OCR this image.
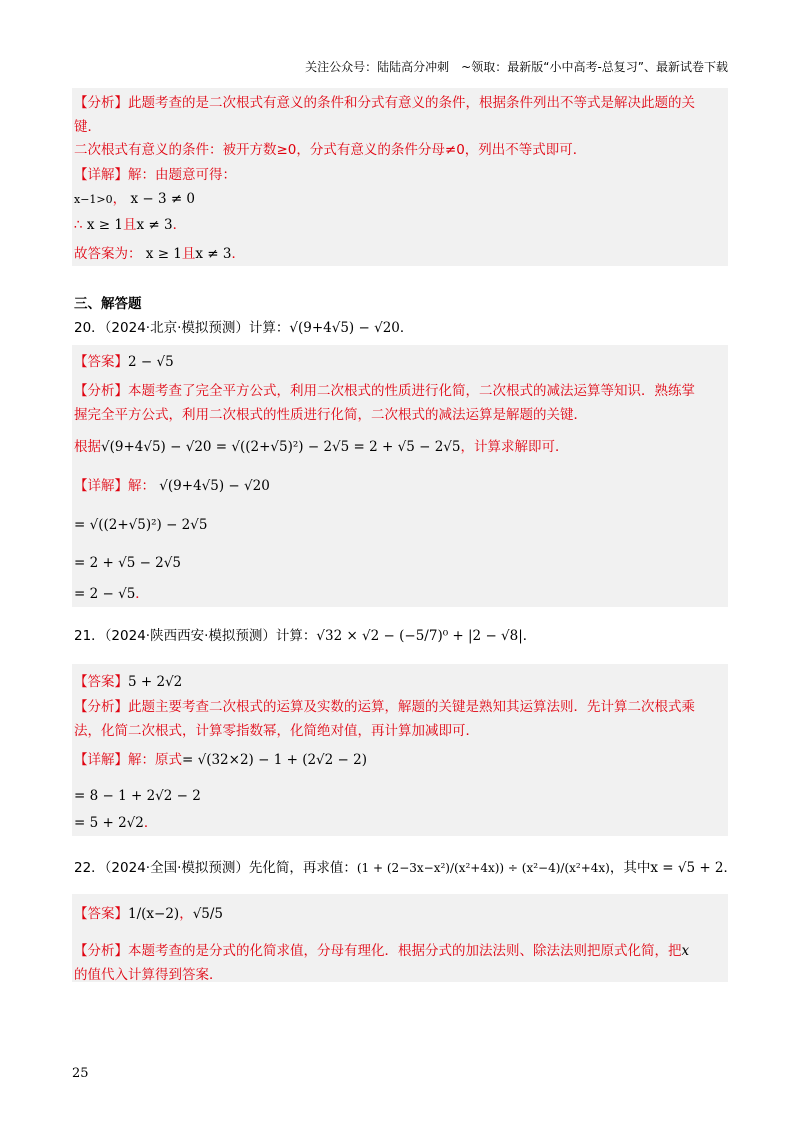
关注公众号：陆陆高分冲刺　~领取：最新版“小中高考-总复习”、最新试卷下载
【分析】此题考查的是二次根式有意义的条件和分式有意义的条件，根据条件列出不等式是解决此题的关
键．
二次根式有意义的条件：被开方数≥0，分式有意义的条件分母≠0，列出不等式即可．
【详解】解：由题意可得：
x−1>0， x − 3 ≠ 0
∴ x ≥ 1且x ≠ 3．
故答案为： x ≥ 1且x ≠ 3．
三、解答题
20．（2024·北京·模拟预测）计算：√(9+4√5) − √20．
【答案】2 − √5
【分析】本题考查了完全平方公式，利用二次根式的性质进行化简，二次根式的减法运算等知识．熟练掌
握完全平方公式，利用二次根式的性质进行化简，二次根式的减法运算是解题的关键．
根据√(9+4√5) − √20 = √((2+√5)²) − 2√5 = 2 + √5 − 2√5，计算求解即可．
【详解】解： √(9+4√5) − √20
= √((2+√5)²) − 2√5
= 2 + √5 − 2√5
= 2 − √5．
21．（2024·陕西西安·模拟预测）计算：√32 × √2 − (−5/7)⁰ + |2 − √8|．
【答案】5 + 2√2
【分析】此题主要考查二次根式的运算及实数的运算，解题的关键是熟知其运算法则．先计算二次根式乘
法，化简二次根式，计算零指数幂，化简绝对值，再计算加减即可．
【详解】解：原式= √(32×2) − 1 + (2√2 − 2)
= 8 − 1 + 2√2 − 2
= 5 + 2√2．
22．（2024·全国·模拟预测）先化简，再求值：(1 + (2−3x−x²)/(x²+4x)) ÷ (x²−4)/(x²+4x)，其中x = √5 + 2．
【答案】1/(x−2)，√5/5
【分析】本题考查的是分式的化简求值，分母有理化．根据分式的加法法则、除法法则把原式化简，把x
的值代入计算得到答案．
25
